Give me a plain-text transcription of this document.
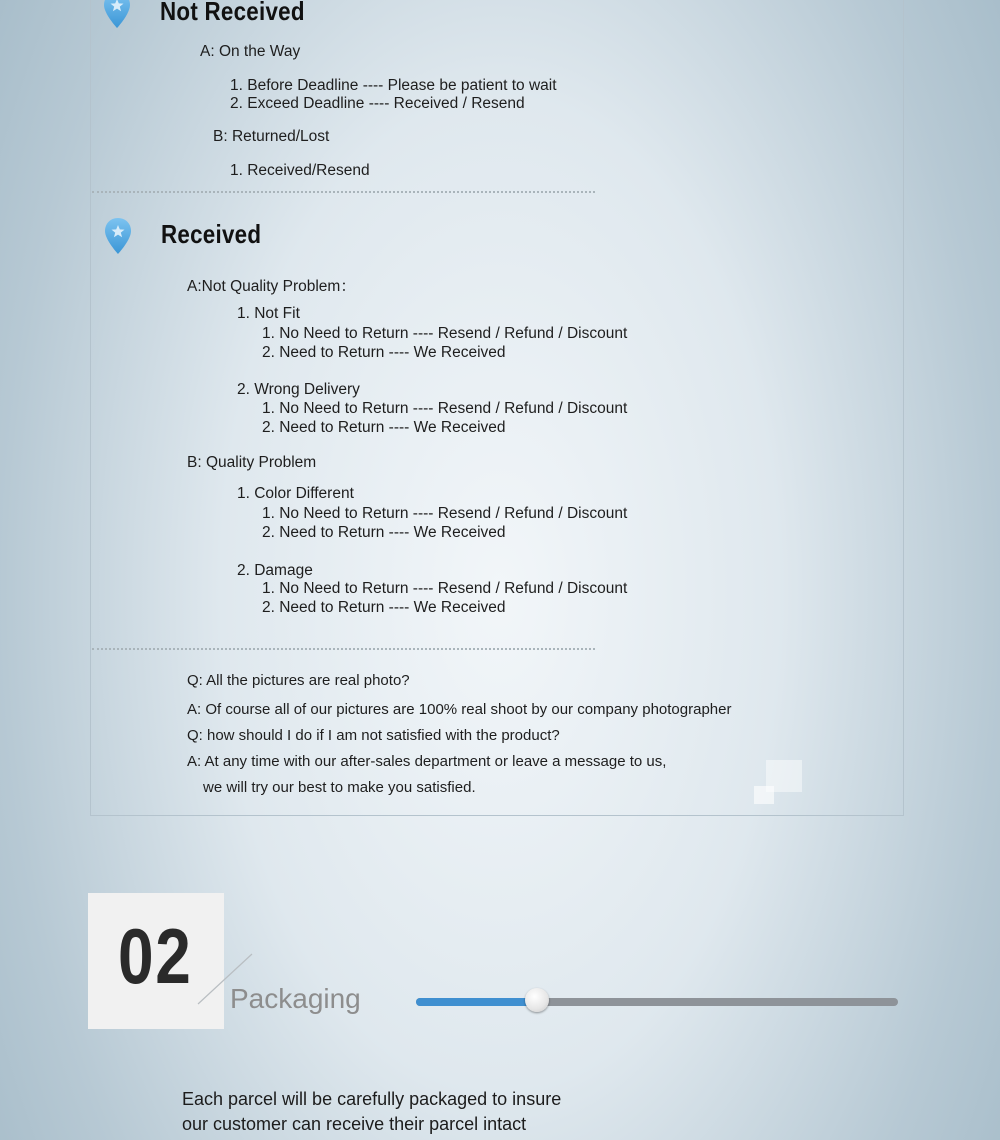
Not Received
A: On the Way
1. Before Deadline ---- Please be patient to wait
2. Exceed Deadline ---- Received / Resend
B: Returned/Lost
1. Received/Resend
Received
A:Not Quality Problem：
1. Not Fit
1. No Need to Return ---- Resend / Refund / Discount
2. Need to Return ---- We Received
2. Wrong Delivery
1. No Need to Return ---- Resend / Refund / Discount
2. Need to Return ---- We Received
B: Quality Problem
1. Color Different
1. No Need to Return ---- Resend / Refund / Discount
2. Need to Return ---- We Received
2. Damage
1. No Need to Return ---- Resend / Refund / Discount
2. Need to Return ---- We Received
Q: All the pictures are real photo?
A: Of course all of our pictures are 100% real shoot by our company photographer
Q: how should I do if I am not satisfied with the product?
A: At any time with our after-sales department or leave a message to us,
we will try our best to make you satisfied.
02 Packaging
Each parcel will be carefully packaged to insure
our customer can receive their parcel intact
